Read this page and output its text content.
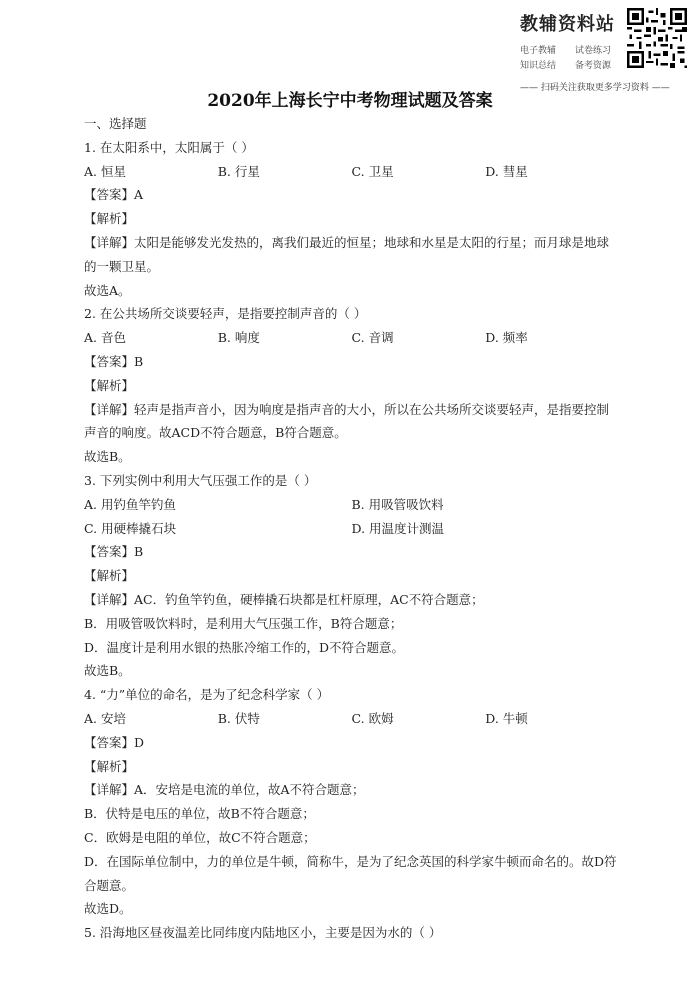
教辅资料站
电子教辅	试卷练习
知识总结	备考资源
—— 扫码关注获取更多学习资料 ——
2020年上海长宁中考物理试题及答案
一、选择题
1. 在太阳系中，太阳属于（ ）
A. 恒星	B. 行星	C. 卫星	D. 彗星
【答案】A
【解析】
【详解】太阳是能够发光发热的，离我们最近的恒星；地球和水星是太阳的行星；而月球是地球的一颗卫星。
故选A。
2. 在公共场所交谈要轻声，是指要控制声音的（ ）
A. 音色	B. 响度	C. 音调	D. 频率
【答案】B
【解析】
【详解】轻声是指声音小，因为响度是指声音的大小，所以在公共场所交谈要轻声，是指要控制声音的响度。故ACD不符合题意，B符合题意。
故选B。
3. 下列实例中利用大气压强工作的是（ ）
A. 用钓鱼竿钓鱼	B. 用吸管吸饮料
C. 用硬棒撬石块	D. 用温度计测温
【答案】B
【解析】
【详解】AC．钓鱼竿钓鱼，硬棒撬石块都是杠杆原理，AC不符合题意；
B．用吸管吸饮料时，是利用大气压强工作，B符合题意；
D．温度计是利用水银的热胀冷缩工作的，D不符合题意。
故选B。
4. “力”单位的命名，是为了纪念科学家（ ）
A. 安培	B. 伏特	C. 欧姆	D. 牛顿
【答案】D
【解析】
【详解】A．安培是电流的单位，故A不符合题意；
B．伏特是电压的单位，故B不符合题意；
C．欧姆是电阻的单位，故C不符合题意；
D．在国际单位制中，力的单位是牛顿，简称牛，是为了纪念英国的科学家牛顿而命名的。故D符合题意。
故选D。
5. 沿海地区昼夜温差比同纬度内陆地区小，主要是因为水的（ ）
